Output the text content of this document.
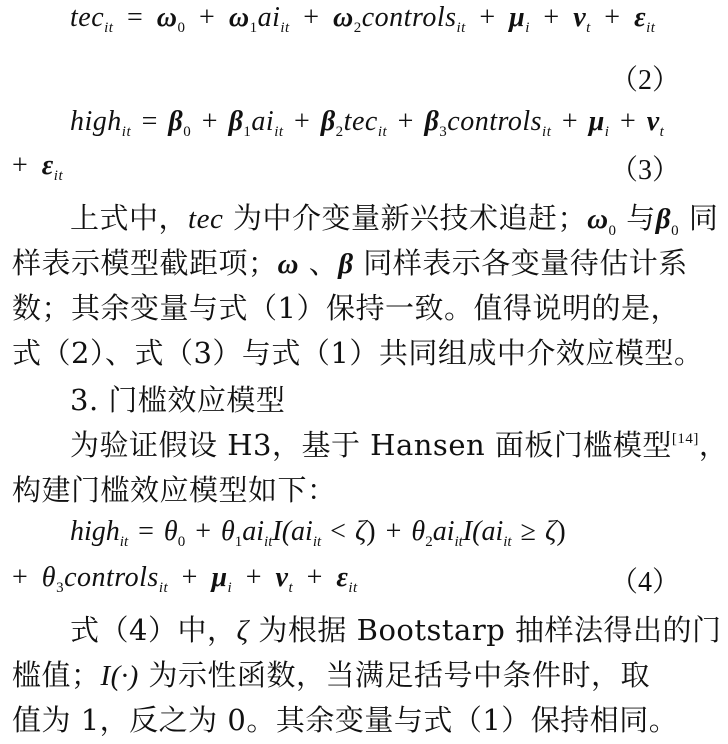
$tec_{it} = \omega_0 + \omega_1ai_{it}$ + $\omega_2controls_{it} + \mu_i + \nu_t + \varepsilon_{it}$
（2）
high$_{it}$ = $\beta_0 + \beta_1ai_{it} + \beta_2tec_{it}$ + $\beta_3controls_{it} + \mu_i + \nu_t$
+ $\varepsilon_{it}$	（3）
上式中，tec 为中介变量新兴技术追赶；$\omega_0$ 与$\beta_0$ 同
样表示模型截距项；ω 、β 同样表示各变量待估计系
数；其余变量与式（1）保持一致。值得说明的是，
式（2）、式（3）与式（1）共同组成中介效应模型。
3. 门槛效应模型
为验证假设 H3，基于 Hansen 面板门槛模型[14]，
构建门槛效应模型如下：
high$_{it}$ = $\theta_0 + \theta_1ai_{it}I(ai_{it} < \zeta) + \theta_2ai_{it}I(ai_{it} \ge \zeta)$
+ $\theta_3controls_{it} + \mu_i + \nu_t + \varepsilon_{it}$	（4）
式（4）中，ζ 为根据 Bootstarp 抽样法得出的门
槛值；I(·) 为示性函数，当满足括号中条件时，取
值为 1，反之为 0。其余变量与式（1）保持相同。
